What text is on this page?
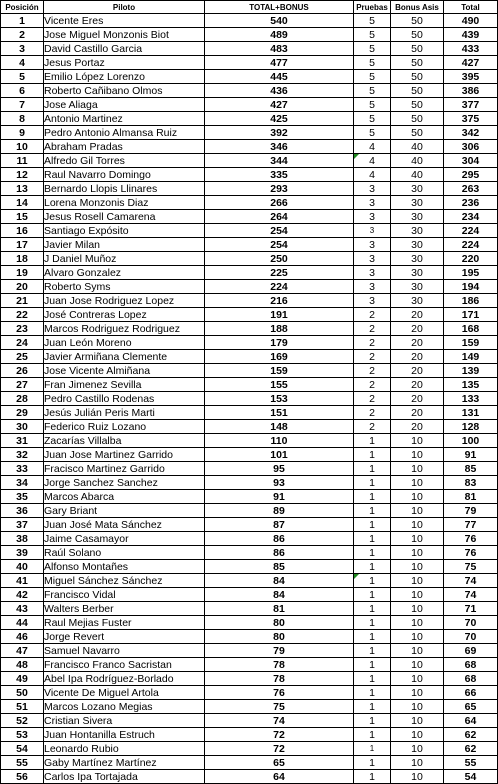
Posición	Piloto	TOTAL+BONUS	Pruebas	Bonus Asis	Total
1	Vicente Eres	540	5	50	490
2	Jose Miguel Monzonis Biot	489	5	50	439
3	David Castillo Garcia	483	5	50	433
4	Jesus Portaz	477	5	50	427
5	Emilio López Lorenzo	445	5	50	395
6	Roberto Cañibano Olmos	436	5	50	386
7	Jose Aliaga	427	5	50	377
8	Antonio Martinez	425	5	50	375
9	Pedro Antonio Almansa Ruiz	392	5	50	342
10	Abraham Pradas	346	4	40	306
11	Alfredo Gil Torres	344	4	40	304
12	Raul Navarro Domingo	335	4	40	295
13	Bernardo Llopis Llinares	293	3	30	263
14	Lorena Monzonis Diaz	266	3	30	236
15	Jesus Rosell Camarena	264	3	30	234
16	Santiago Expósito	254	3	30	224
17	Javier Milan	254	3	30	224
18	J Daniel Muñoz	250	3	30	220
19	Alvaro Gonzalez	225	3	30	195
20	Roberto Syms	224	3	30	194
21	Juan Jose Rodriguez Lopez	216	3	30	186
22	José Contreras Lopez	191	2	20	171
23	Marcos Rodriguez Rodriguez	188	2	20	168
24	Juan León Moreno	179	2	20	159
25	Javier Armiñana Clemente	169	2	20	149
26	Jose Vicente Almiñana	159	2	20	139
27	Fran Jimenez Sevilla	155	2	20	135
28	Pedro Castillo Rodenas	153	2	20	133
29	Jesús Julián Peris Marti	151	2	20	131
30	Federico Ruiz Lozano	148	2	20	128
31	Zacarías Villalba	110	1	10	100
32	Juan Jose Martinez Garrido	101	1	10	91
33	Fracisco Martinez Garrido	95	1	10	85
34	Jorge Sanchez Sanchez	93	1	10	83
35	Marcos Abarca	91	1	10	81
36	Gary Briant	89	1	10	79
37	Juan José Mata Sánchez	87	1	10	77
38	Jaime Casamayor	86	1	10	76
39	Raúl Solano	86	1	10	76
40	Alfonso Montañes	85	1	10	75
41	Miguel Sánchez Sánchez	84	1	10	74
42	Francisco Vidal	84	1	10	74
43	Walters Berber	81	1	10	71
44	Raul Mejias Fuster	80	1	10	70
46	Jorge Revert	80	1	10	70
47	Samuel Navarro	79	1	10	69
48	Francisco Franco Sacristan	78	1	10	68
49	Abel Ipa Rodríguez-Borlado	78	1	10	68
50	Vicente De Miguel Artola	76	1	10	66
51	Marcos Lozano Megias	75	1	10	65
52	Cristian Sivera	74	1	10	64
53	Juan Hontanilla Estruch	72	1	10	62
54	Leonardo Rubio	72	1	10	62
55	Gaby Martínez Martínez	65	1	10	55
56	Carlos Ipa Tortajada	64	1	10	54
